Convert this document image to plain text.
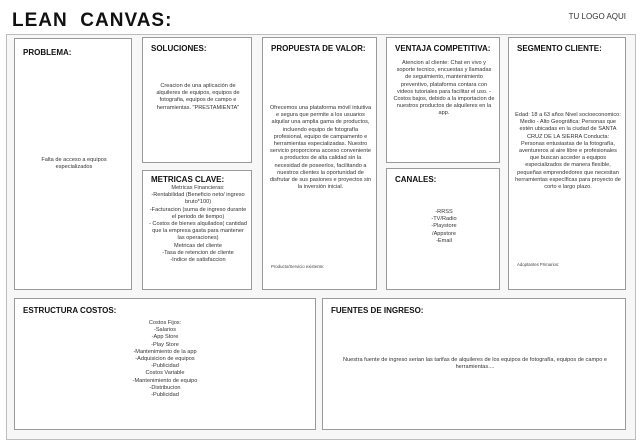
LEAN  CANVAS:	TU LOGO AQUI
PROBLEMA:
Falta de acceso a equipos especializados
SOLUCIONES:
Creacion de una aplicación de alquileres de equipos, equipos de fotografia, equipos de campo e herramientas. "PRESTAMIENTA"
METRICAS CLAVE:
Metricas Financieras:
-Rentabilidad (Beneficio neto/ ingreso bruto*100)
-Facturacion (suma de ingreso durante el periodo de tiempo)
- Costos de bienes alquilados( cantidad que la empresa gasta para mantener las operaciones)
Metricas del cliente
-Tasa de retencion de cliente
-Indice de satisfaccion
PROPUESTA DE VALOR:
Ofrecemos una plataforma móvil intuitiva e segura que permite a los usuarios alquilar una amplia gama de productos, incluendo equipo de fotografía profesional, equipo de campamento e herramientas especializadas. Nuestro servicio proporciona acceso conveniente a productos de alta calidad sin la necesidad de poseerlos, facilitando a nuestros clientes la oportunidad de disfrutar de sus pasiones e proyectos sin la inversión inicial.
Producto/Servicio existente:
VENTAJA COMPETITIVA:
Atencion al cliente: Chat en vivo y soporte tecnico, encuestas y llamadas de seguimiento, mantenimiento preventivo, plataforma contara con videos tutoriales para facilitar el uso. -Costos bajos, debido a la importacion de nuestros productos de alquileres en la app.
CANALES:
-RRSS
-TV/Radio
-Playstore
/Appstore
-Email
SEGMENTO CLIENTE:
Edad: 18 a 63 años Nivel socioeconomico: Medio - Alto Geográfica: Personas que estén ubicadas en la ciudad de SANTA CRUZ DE LA SIERRA Conducta: Personas entusiastas de la fotografía, aventureros al aire libre e profesionales que buscan acceder a equipos especializados de manera flexible, pequeñas emprendedores que necesitan herramientas específicas para proyecto de corto e largo plazo.
Adoptantes Primarios:
ESTRUCTURA COSTOS:
Costos Fijos:
-Salarios
-App Store
-Play Store
-Mantenimiento de la app
-Adquisicion de equipos
-Publicidad
Costos Variable
-Mantenimiento de equipo
-Distribucion
-Publicidad
FUENTES DE INGRESO:
Nuestra fuente de ingreso serian las tarifas de alquileres de los equipos de fotografía, equipos de campo e herramientas....
